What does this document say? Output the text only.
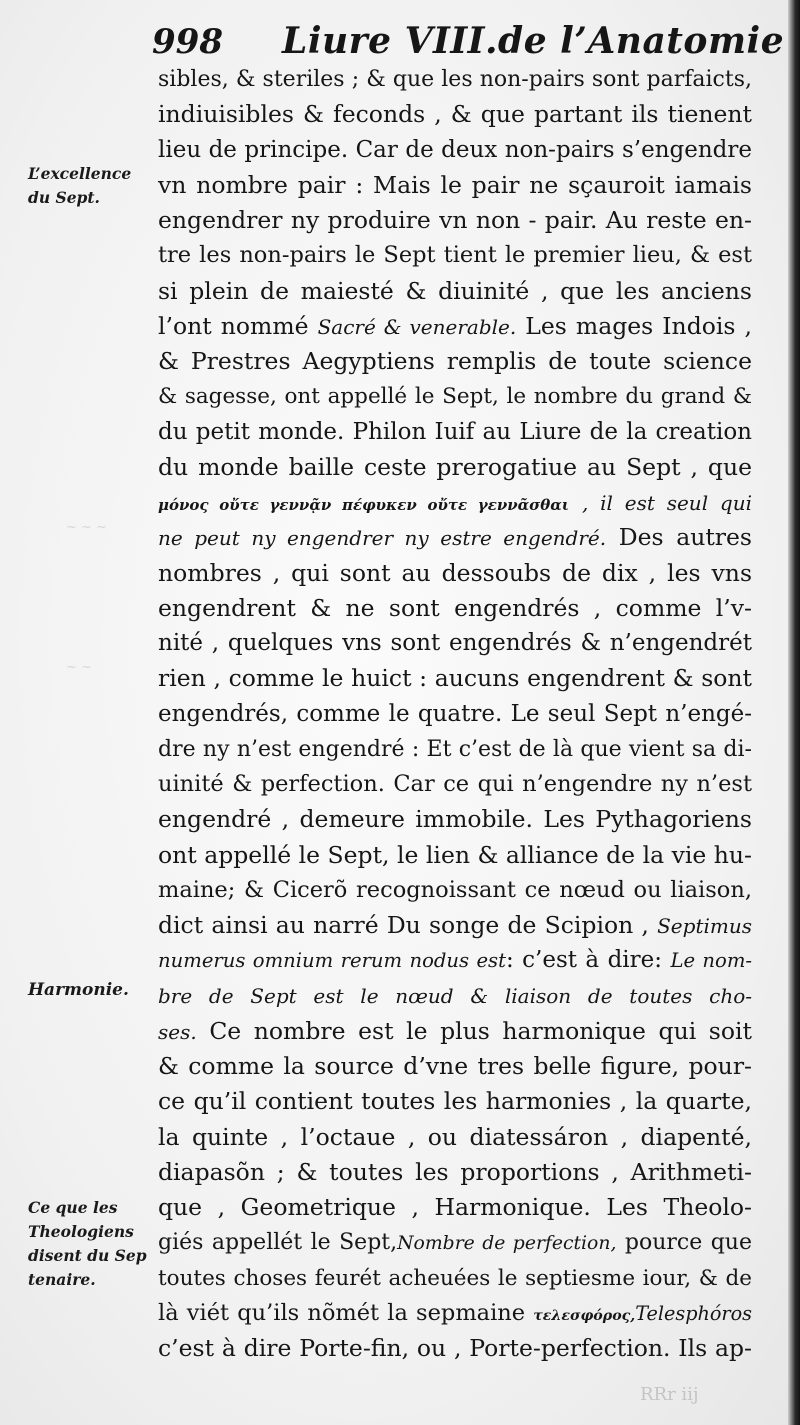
~ ~ ~
~ ~
998 Liure VIII.de l’Anatomie
L’excellence
du Sept.
Harmonie.
Ce que les
Theologiens
disent du Sep
tenaire.
sibles, & steriles ; & que les non-pairs sont parfaicts,
indiuisibles & feconds , & que partant ils tienent
lieu de principe. Car de deux non-pairs s’engendre
vn nombre pair : Mais le pair ne sçauroit iamais
engendrer ny produire vn non - pair. Au reste en-
tre les non-pairs le Sept tient le premier lieu, & est
si plein de maiesté & diuinité , que les anciens
l’ont nommé Sacré & venerable. Les mages Indois ,
& Prestres Aegyptiens remplis de toute science
& sagesse, ont appellé le Sept, le nombre du grand &
du petit monde. Philon Iuif au Liure de la creation
du monde baille ceste prerogatiue au Sept , que
μόνος οὔτε γεννᾷν πέφυκεν οὔτε γεννᾶσθαι , il est seul qui
ne peut ny engendrer ny estre engendré. Des autres
nombres , qui sont au dessoubs de dix , les vns
engendrent & ne sont engendrés , comme l’v-
nité , quelques vns sont engendrés & n’engendrét
rien , comme le huict : aucuns engendrent & sont
engendrés, comme le quatre. Le seul Sept n’engé-
dre ny n’est engendré : Et c’est de là que vient sa di-
uinité & perfection. Car ce qui n’engendre ny n’est
engendré , demeure immobile. Les Pythagoriens
ont appellé le Sept, le lien & alliance de la vie hu-
maine; & Cicerõ recognoissant ce nœud ou liaison,
dict ainsi au narré Du songe de Scipion , Septimus
numerus omnium rerum nodus est: c’est à dire: Le nom-
bre de Sept est le nœud & liaison de toutes cho-
ses. Ce nombre est le plus harmonique qui soit
& comme la source d’vne tres belle figure, pour-
ce qu’il contient toutes les harmonies , la quarte,
la quinte , l’octaue , ou diatessáron , diapenté,
diapasõn ; & toutes les proportions , Arithmeti-
que , Geometrique , Harmonique. Les Theolo-
giés appellét le Sept,Nombre de perfection, pource que
toutes choses feurét acheuées le septiesme iour, & de
là viét qu’ils nõmét la sepmaine τελεσφόρος,Telesphóros
c’est à dire Porte-fin, ou , Porte-perfection. Ils ap-
RRr iij
